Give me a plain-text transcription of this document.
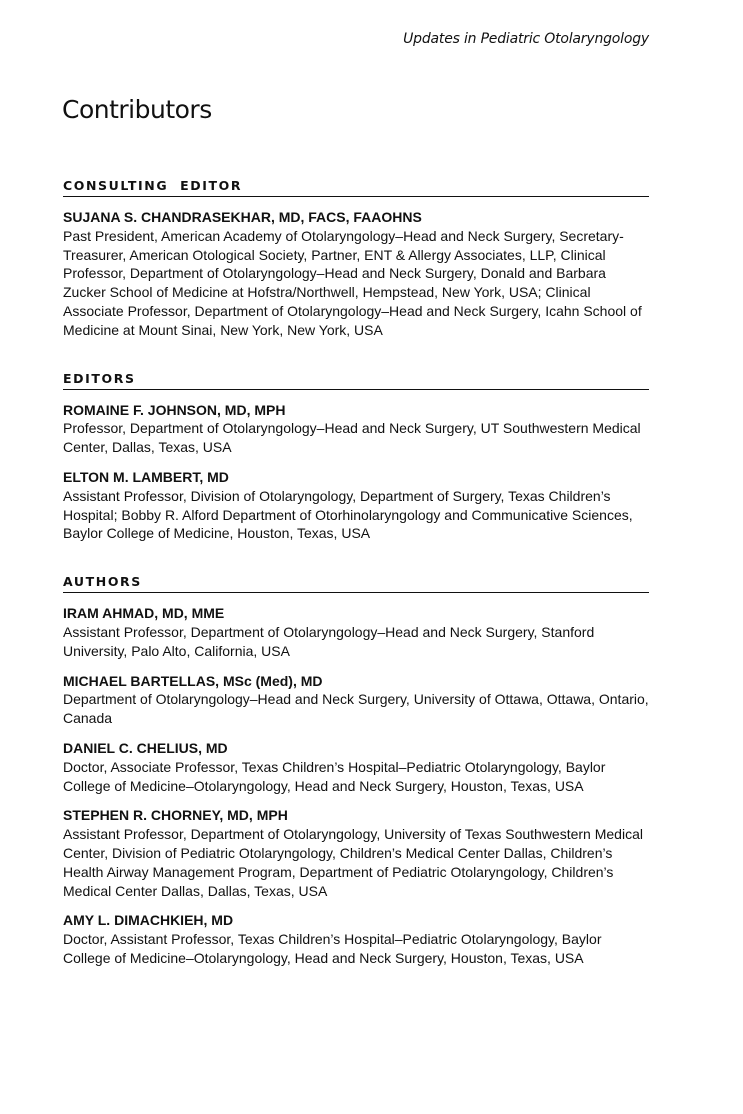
Updates in Pediatric Otolaryngology
Contributors
CONSULTING  EDITOR
SUJANA S. CHANDRASEKHAR, MD, FACS, FAAOHNS
Past President, American Academy of Otolaryngology–Head and Neck Surgery, Secretary-Treasurer, American Otological Society, Partner, ENT & Allergy Associates, LLP, Clinical Professor, Department of Otolaryngology–Head and Neck Surgery, Donald and Barbara Zucker School of Medicine at Hofstra/Northwell, Hempstead, New York, USA; Clinical Associate Professor, Department of Otolaryngology–Head and Neck Surgery, Icahn School of Medicine at Mount Sinai, New York, New York, USA
EDITORS
ROMAINE F. JOHNSON, MD, MPH
Professor, Department of Otolaryngology–Head and Neck Surgery, UT Southwestern Medical Center, Dallas, Texas, USA
ELTON M. LAMBERT, MD
Assistant Professor, Division of Otolaryngology, Department of Surgery, Texas Children’s Hospital; Bobby R. Alford Department of Otorhinolaryngology and Communicative Sciences, Baylor College of Medicine, Houston, Texas, USA
AUTHORS
IRAM AHMAD, MD, MME
Assistant Professor, Department of Otolaryngology–Head and Neck Surgery, Stanford University, Palo Alto, California, USA
MICHAEL BARTELLAS, MSc (Med), MD
Department of Otolaryngology–Head and Neck Surgery, University of Ottawa, Ottawa, Ontario, Canada
DANIEL C. CHELIUS, MD
Doctor, Associate Professor, Texas Children’s Hospital–Pediatric Otolaryngology, Baylor College of Medicine–Otolaryngology, Head and Neck Surgery, Houston, Texas, USA
STEPHEN R. CHORNEY, MD, MPH
Assistant Professor, Department of Otolaryngology, University of Texas Southwestern Medical Center, Division of Pediatric Otolaryngology, Children’s Medical Center Dallas, Children’s Health Airway Management Program, Department of Pediatric Otolaryngology, Children’s Medical Center Dallas, Dallas, Texas, USA
AMY L. DIMACHKIEH, MD
Doctor, Assistant Professor, Texas Children’s Hospital–Pediatric Otolaryngology, Baylor College of Medicine–Otolaryngology, Head and Neck Surgery, Houston, Texas, USA
